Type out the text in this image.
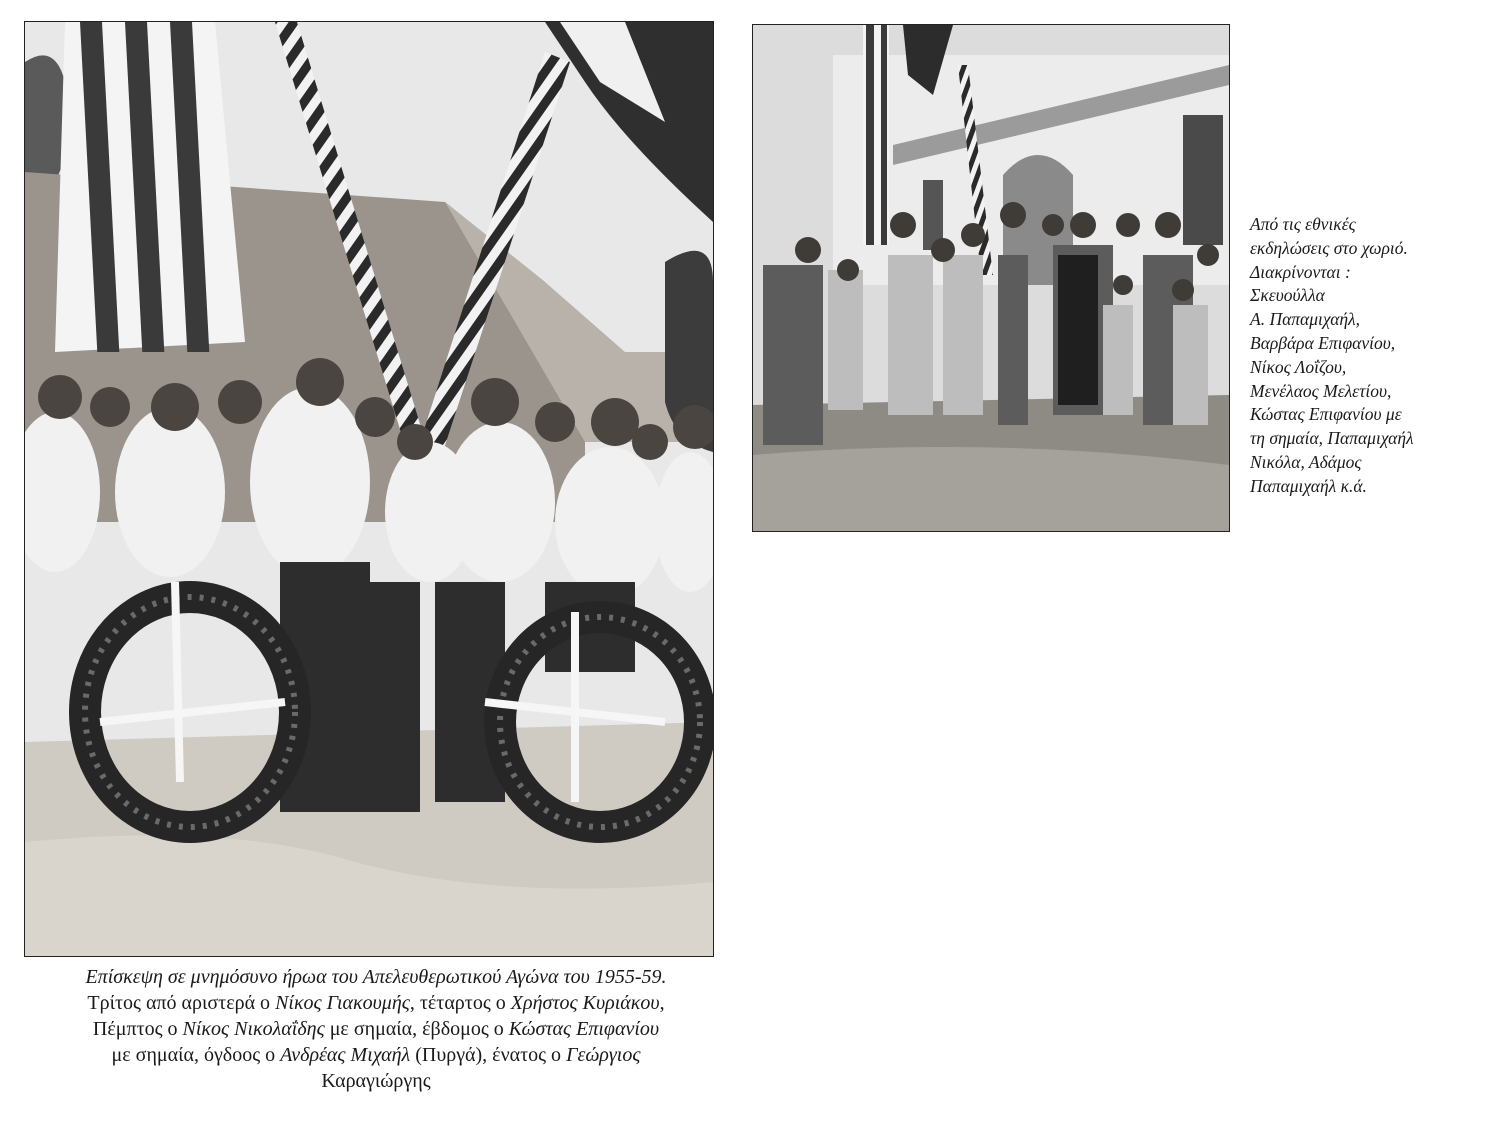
Επίσκεψη σε μνημόσυνο ήρωα του Απελευθερωτικού Αγώνα του 1955-59.
Τρίτος από αριστερά ο Νίκος Γιακουμής, τέταρτος ο Χρήστος Κυριάκου,
Πέμπτος ο Νίκος Νικολαΐδης με σημαία, έβδομος ο Κώστας Επιφανίου
με σημαία, όγδοος ο Ανδρέας Μιχαήλ (Πυργά), ένατος ο Γεώργιος
Καραγιώργης
Από τις εθνικές
εκδηλώσεις στο χωριό.
Διακρίνονται :
Σκευούλλα
Α. Παπαμιχαήλ,
Βαρβάρα Επιφανίου,
Νίκος Λοΐζου,
Μενέλαος Μελετίου,
Κώστας Επιφανίου με
τη σημαία, Παπαμιχαήλ
Νικόλα, Αδάμος
Παπαμιχαήλ κ.ά.
